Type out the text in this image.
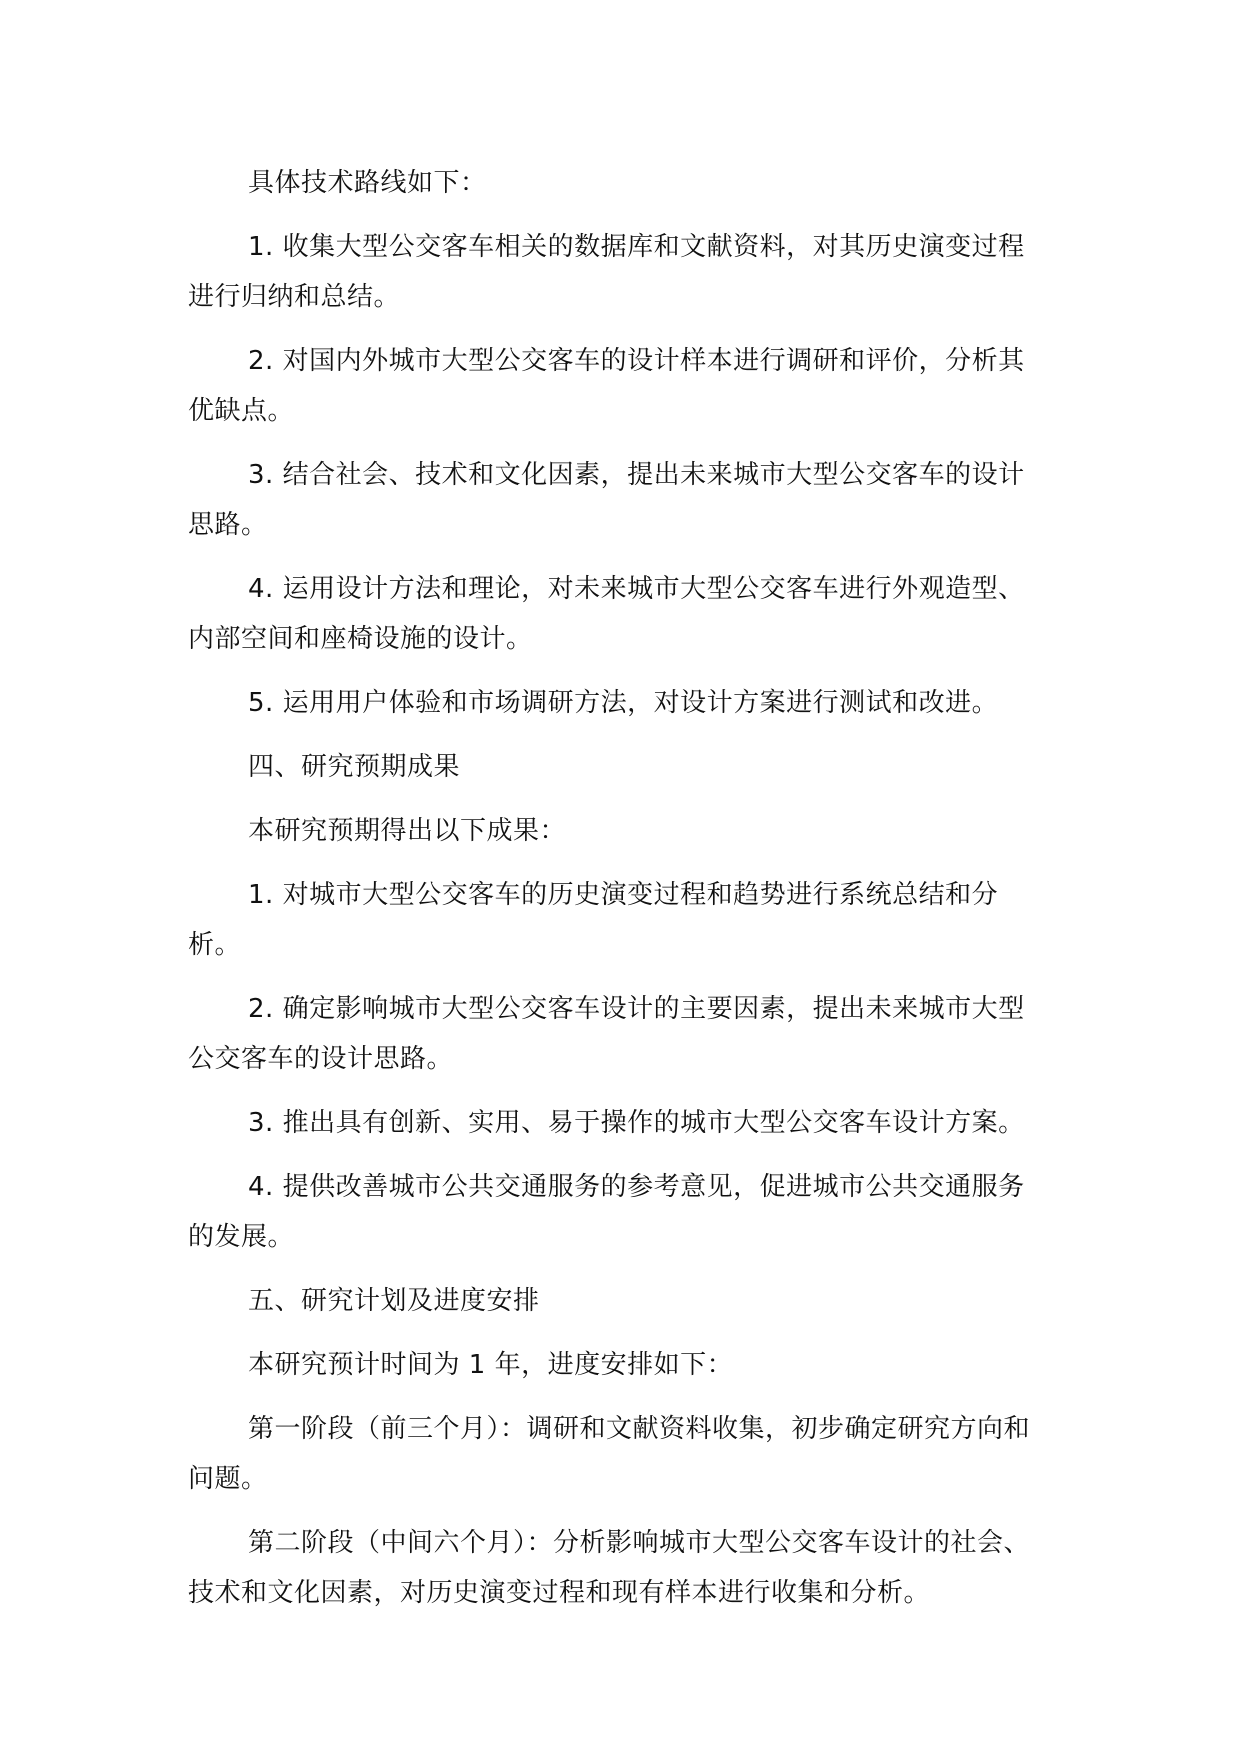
具体技术路线如下：

1. 收集大型公交客车相关的数据库和文献资料，对其历史演变过程进行归纳和总结。

2. 对国内外城市大型公交客车的设计样本进行调研和评价，分析其优缺点。

3. 结合社会、技术和文化因素，提出未来城市大型公交客车的设计思路。

4. 运用设计方法和理论，对未来城市大型公交客车进行外观造型、内部空间和座椅设施的设计。

5. 运用用户体验和市场调研方法，对设计方案进行测试和改进。

四、研究预期成果

本研究预期得出以下成果：

1. 对城市大型公交客车的历史演变过程和趋势进行系统总结和分析。

2. 确定影响城市大型公交客车设计的主要因素，提出未来城市大型公交客车的设计思路。

3. 推出具有创新、实用、易于操作的城市大型公交客车设计方案。

4. 提供改善城市公共交通服务的参考意见，促进城市公共交通服务的发展。

五、研究计划及进度安排

本研究预计时间为 1 年，进度安排如下：

第一阶段（前三个月）：调研和文献资料收集，初步确定研究方向和问题。

第二阶段（中间六个月）：分析影响城市大型公交客车设计的社会、技术和文化因素，对历史演变过程和现有样本进行收集和分析。
